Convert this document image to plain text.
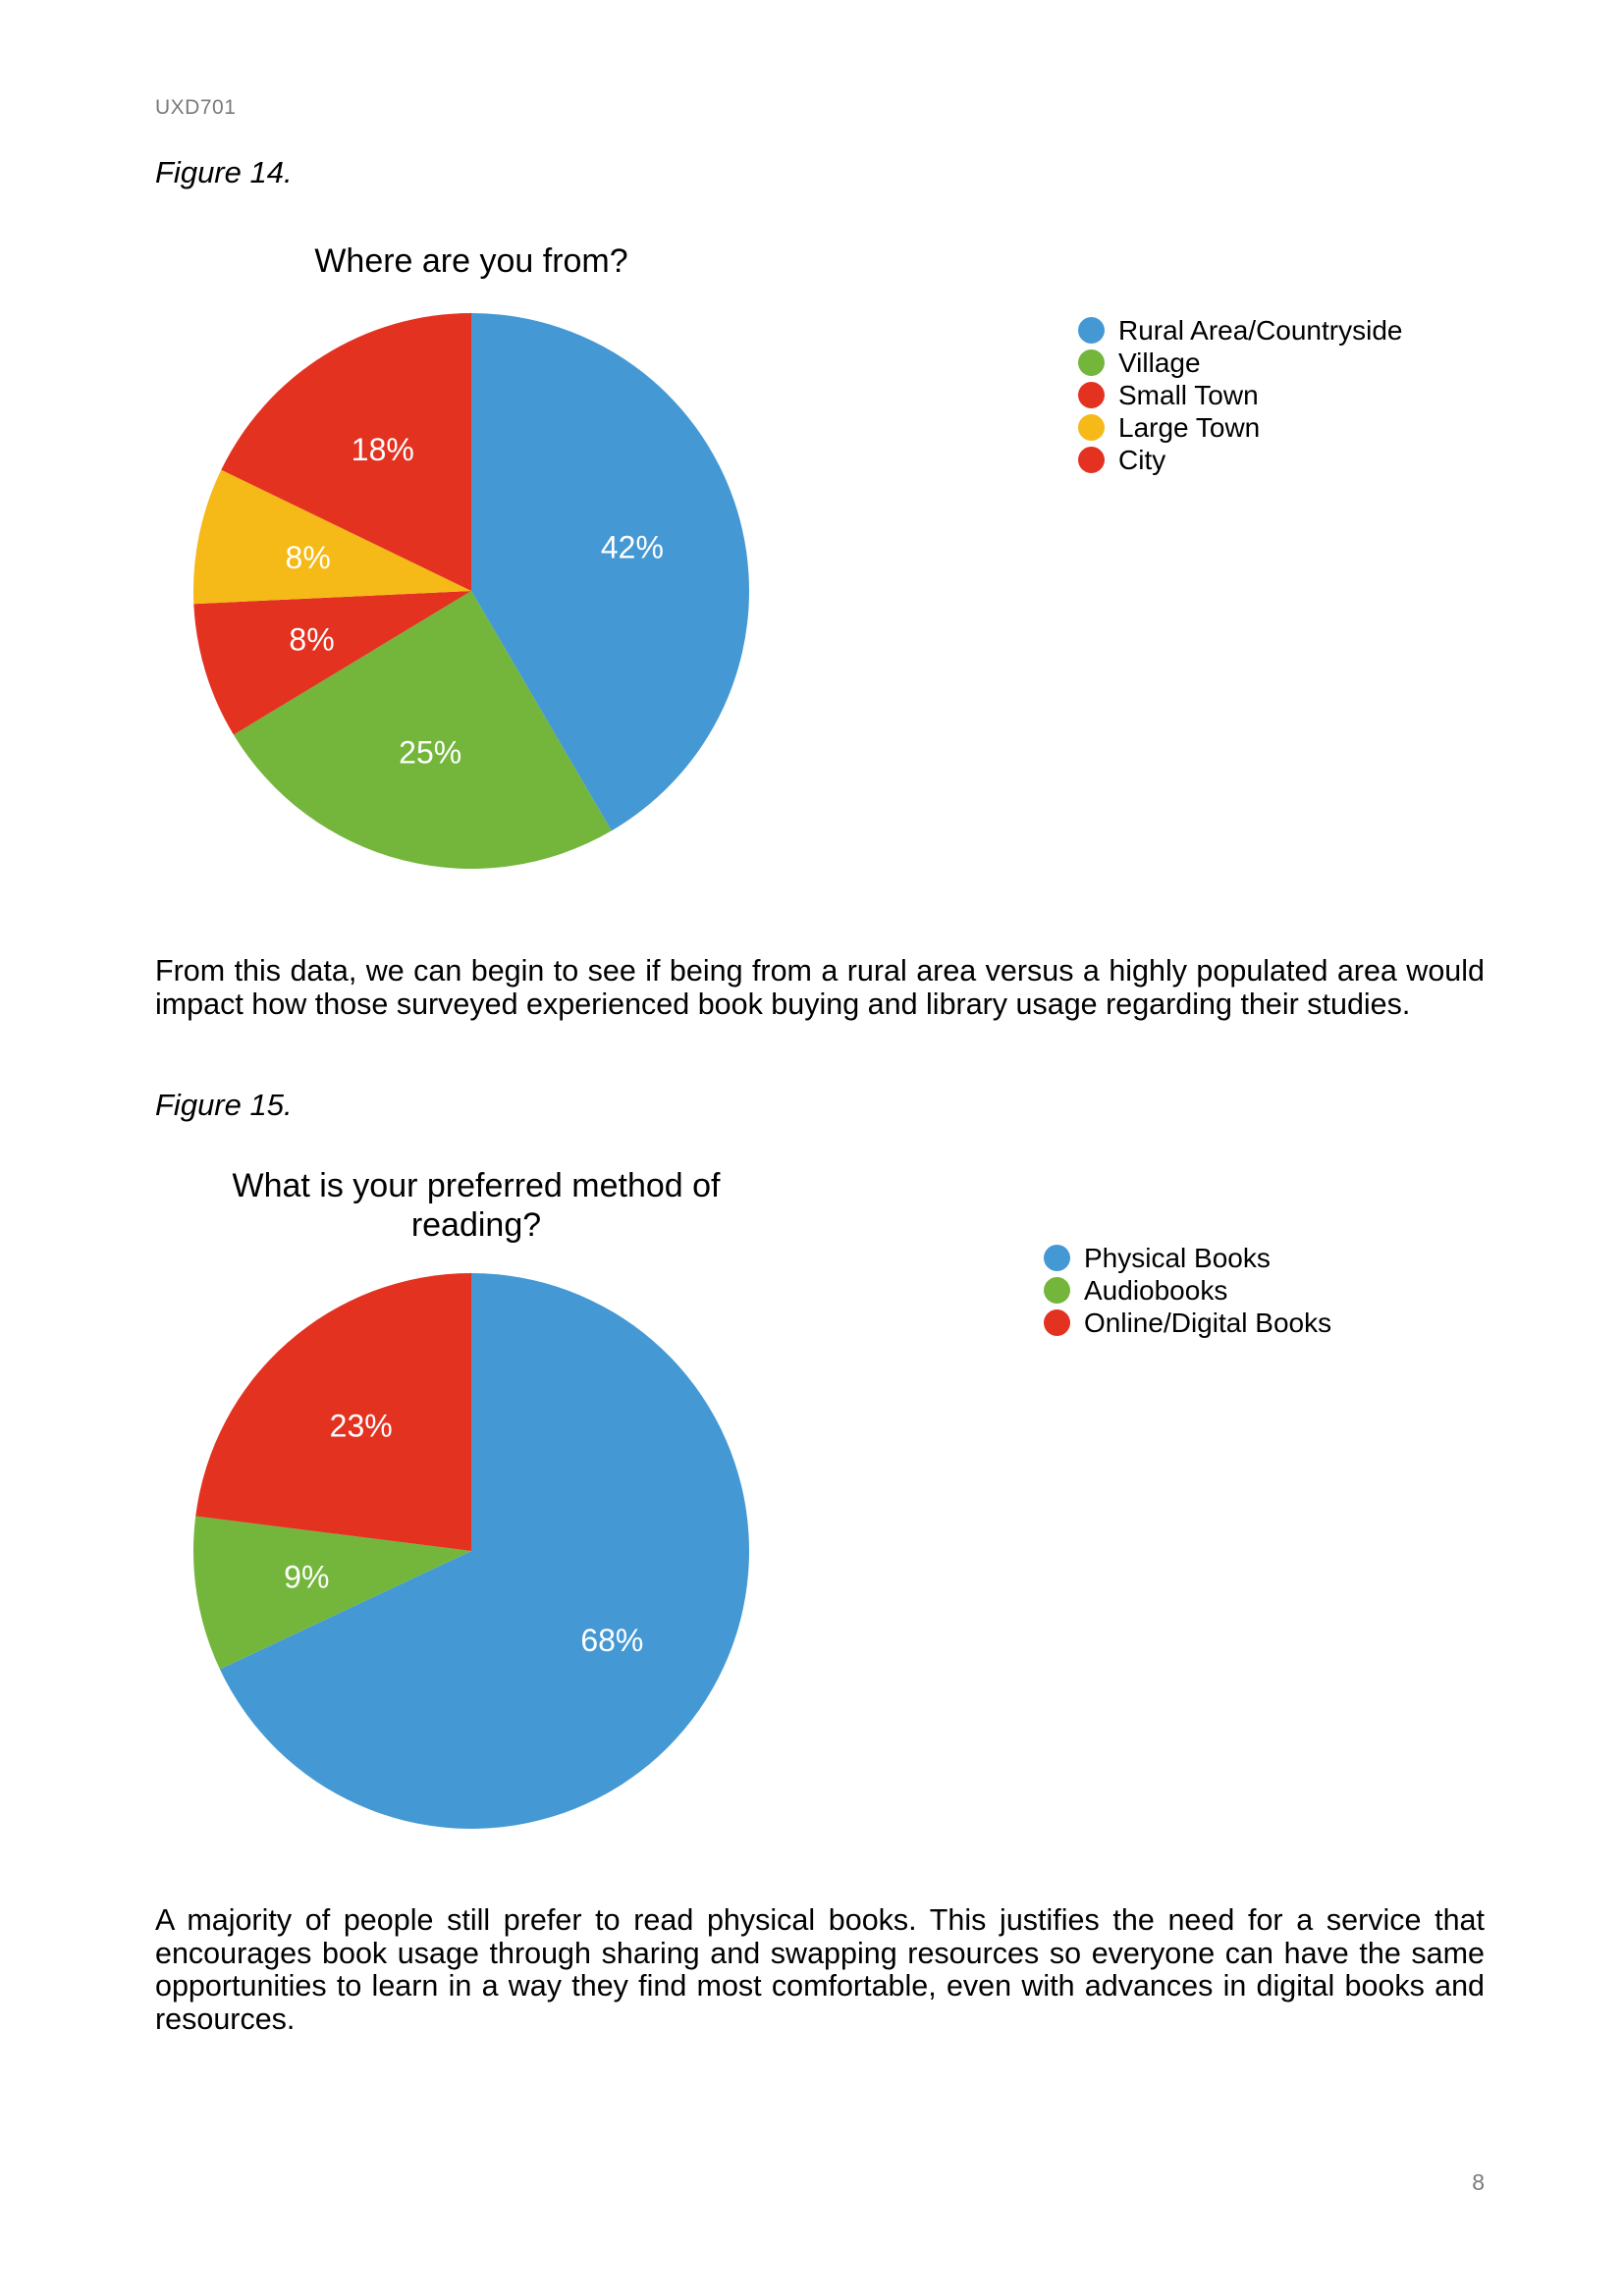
UXD701
Figure 14.
Where are you from?
42%
25%
8%
8%
18%
Rural Area/Countryside
Village
Small Town
Large Town
City
From this data, we can begin to see if being from a rural area versus a highly populated area would impact how those surveyed experienced book buying and library usage regarding their studies.
Figure 15.
What is your preferred method of reading?
68%
9%
23%
Physical Books
Audiobooks
Online/Digital Books
A majority of people still prefer to read physical books. This justifies the need for a service that encourages book usage through sharing and swapping resources so everyone can have the same opportunities to learn in a way they find most comfortable, even with advances in digital books and resources.
8
